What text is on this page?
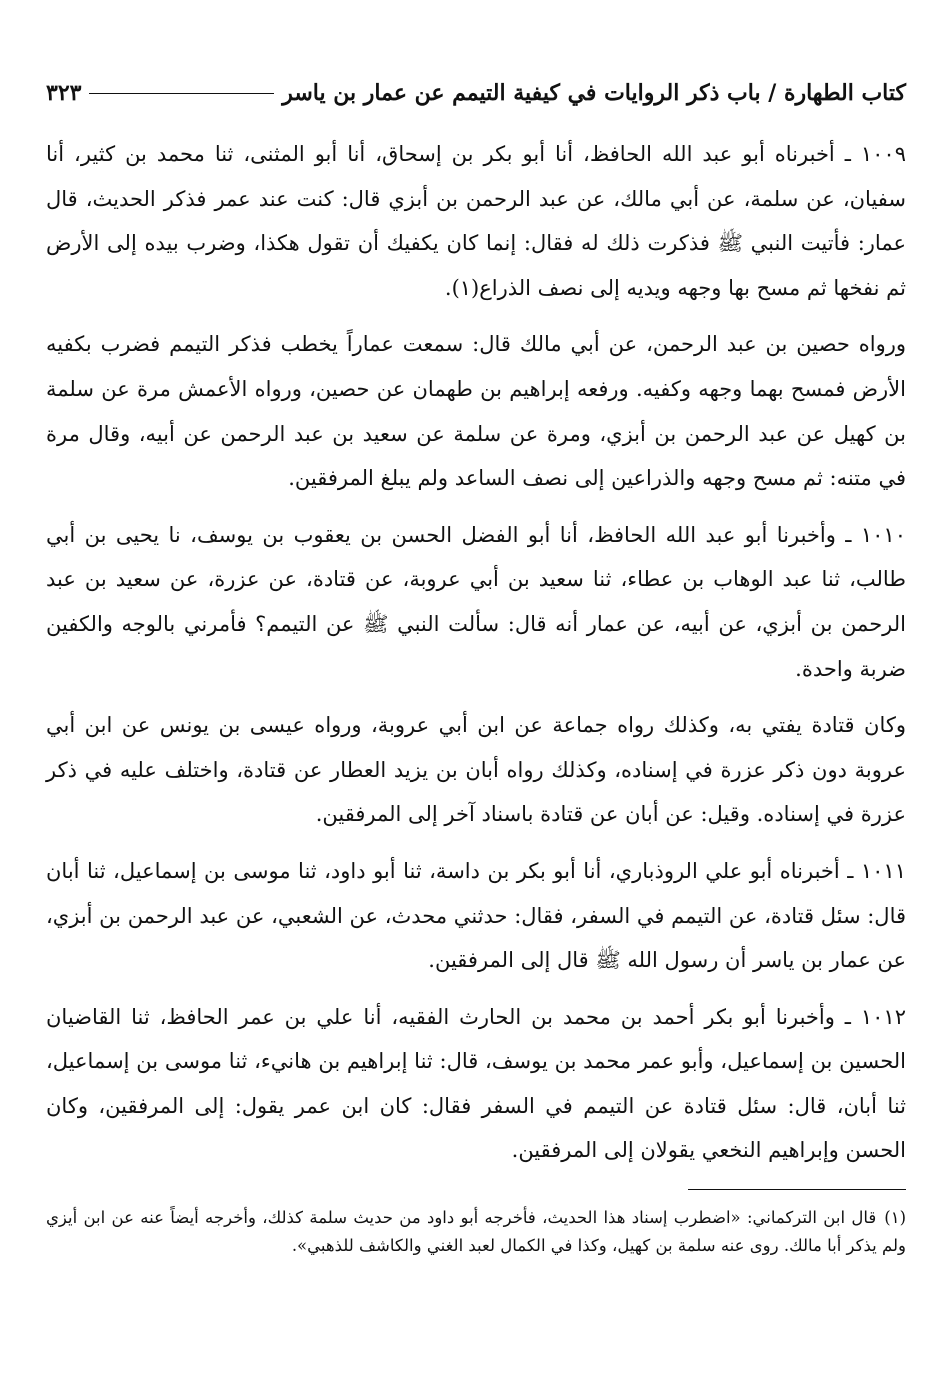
كتاب الطهارة / باب ذكر الروايات في كيفية التيمم عن عمار بن ياسر
٣٢٣

١٠٠٩ ـ أخبرناه أبو عبد الله الحافظ، أنا أبو بكر بن إسحاق، أنا أبو المثنى، ثنا محمد بن كثير، أنا سفيان، عن سلمة، عن أبي مالك، عن عبد الرحمن بن أبزي قال: كنت عند عمر فذكر الحديث، قال عمار: فأتيت النبي ﷺ فذكرت ذلك له فقال: إنما كان يكفيك أن تقول هكذا، وضرب بيده إلى الأرض ثم نفخها ثم مسح بها وجهه ويديه إلى نصف الذراع(١).

ورواه حصين بن عبد الرحمن، عن أبي مالك قال: سمعت عماراً يخطب فذكر التيمم فضرب بكفيه الأرض فمسح بهما وجهه وكفيه. ورفعه إبراهيم بن طهمان عن حصين، ورواه الأعمش مرة عن سلمة بن كهيل عن عبد الرحمن بن أبزي، ومرة عن سلمة عن سعيد بن عبد الرحمن عن أبيه، وقال مرة في متنه: ثم مسح وجهه والذراعين إلى نصف الساعد ولم يبلغ المرفقين.

١٠١٠ ـ وأخبرنا أبو عبد الله الحافظ، أنا أبو الفضل الحسن بن يعقوب بن يوسف، نا يحيى بن أبي طالب، ثنا عبد الوهاب بن عطاء، ثنا سعيد بن أبي عروبة، عن قتادة، عن عزرة، عن سعيد بن عبد الرحمن بن أبزي، عن أبيه، عن عمار أنه قال: سألت النبي ﷺ عن التيمم؟ فأمرني بالوجه والكفين ضربة واحدة.

وكان قتادة يفتي به، وكذلك رواه جماعة عن ابن أبي عروبة، ورواه عيسى بن يونس عن ابن أبي عروبة دون ذكر عزرة في إسناده، وكذلك رواه أبان بن يزيد العطار عن قتادة، واختلف عليه في ذكر عزرة في إسناده. وقيل: عن أبان عن قتادة باسناد آخر إلى المرفقين.

١٠١١ ـ أخبرناه أبو علي الروذباري، أنا أبو بكر بن داسة، ثنا أبو داود، ثنا موسى بن إسماعيل، ثنا أبان قال: سئل قتادة، عن التيمم في السفر، فقال: حدثني محدث، عن الشعبي، عن عبد الرحمن بن أبزي، عن عمار بن ياسر أن رسول الله ﷺ قال إلى المرفقين.

١٠١٢ ـ وأخبرنا أبو بكر أحمد بن محمد بن الحارث الفقيه، أنا علي بن عمر الحافظ، ثنا القاضيان الحسين بن إسماعيل، وأبو عمر محمد بن يوسف، قال: ثنا إبراهيم بن هانيء، ثنا موسى بن إسماعيل، ثنا أبان، قال: سئل قتادة عن التيمم في السفر فقال: كان ابن عمر يقول: إلى المرفقين، وكان الحسن وإبراهيم النخعي يقولان إلى المرفقين.

(١)قال ابن التركماني: «اضطرب إسناد هذا الحديث، فأخرجه أبو داود من حديث سلمة كذلك، وأخرجه أيضاً عنه عن ابن أيزي ولم يذكر أبا مالك. روى عنه سلمة بن كهيل، وكذا في الكمال لعبد الغني والكاشف للذهبي».
